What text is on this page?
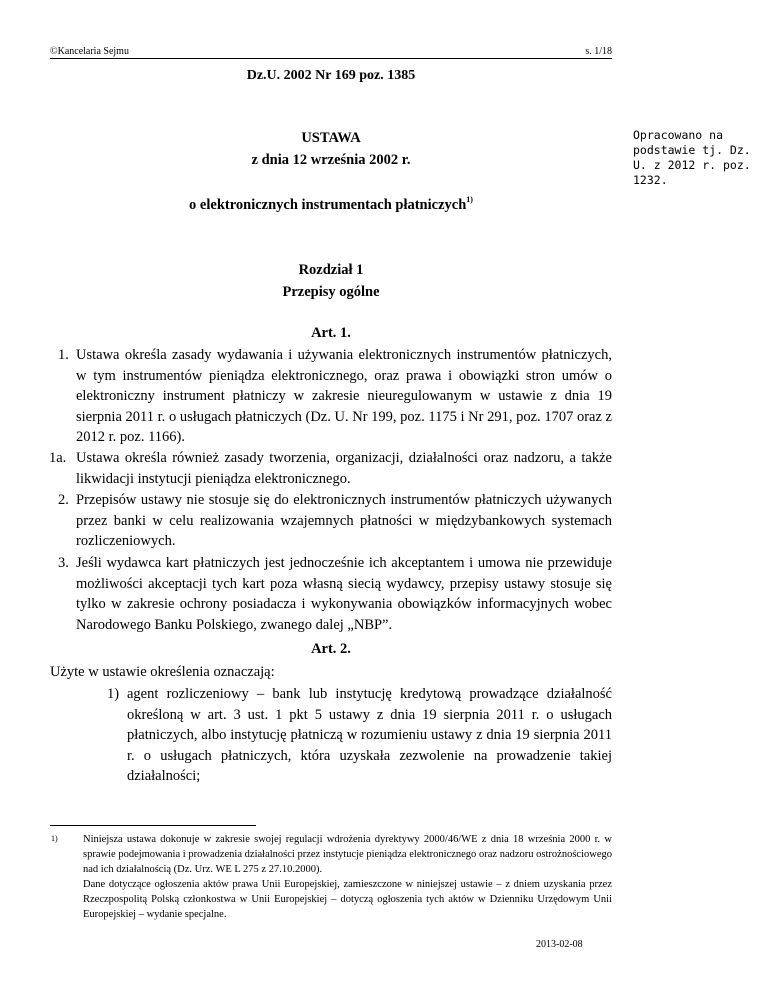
©Kancelaria Sejmu	s. 1/18
Dz.U. 2002 Nr 169 poz. 1385
Opracowano na podstawie tj. Dz. U. z 2012 r. poz. 1232.
USTAWA
z dnia 12 września 2002 r.
o elektronicznych instrumentach płatniczych$^{1)}$
Rozdział 1
Przepisy ogólne
Art. 1.
1. Ustawa określa zasady wydawania i używania elektronicznych instrumentów płatniczych, w tym instrumentów pieniądza elektronicznego, oraz prawa i obowiązki stron umów o elektroniczny instrument płatniczy w zakresie nieuregulowanym w ustawie z dnia 19 sierpnia 2011 r. o usługach płatniczych (Dz. U. Nr 199, poz. 1175 i Nr 291, poz. 1707 oraz z 2012 r. poz. 1166).
1a. Ustawa określa również zasady tworzenia, organizacji, działalności oraz nadzoru, a także likwidacji instytucji pieniądza elektronicznego.
2. Przepisów ustawy nie stosuje się do elektronicznych instrumentów płatniczych używanych przez banki w celu realizowania wzajemnych płatności w międzybankowych systemach rozliczeniowych.
3. Jeśli wydawca kart płatniczych jest jednocześnie ich akceptantem i umowa nie przewiduje możliwości akceptacji tych kart poza własną siecią wydawcy, przepisy ustawy stosuje się tylko w zakresie ochrony posiadacza i wykonywania obowiązków informacyjnych wobec Narodowego Banku Polskiego, zwanego dalej „NBP”.
Art. 2.
Użyte w ustawie określenia oznaczają:
1) agent rozliczeniowy – bank lub instytucję kredytową prowadzące działalność określoną w art. 3 ust. 1 pkt 5 ustawy z dnia 19 sierpnia 2011 r. o usługach płatniczych, albo instytucję płatniczą w rozumieniu ustawy z dnia 19 sierpnia 2011 r. o usługach płatniczych, która uzyskała zezwolenie na prowadzenie takiej działalności;
1) Niniejsza ustawa dokonuje w zakresie swojej regulacji wdrożenia dyrektywy 2000/46/WE z dnia 18 września 2000 r. w sprawie podejmowania i prowadzenia działalności przez instytucje pieniądza elektronicznego oraz nadzoru ostrożnościowego nad ich działalnością (Dz. Urz. WE L 275 z 27.10.2000).
Dane dotyczące ogłoszenia aktów prawa Unii Europejskiej, zamieszczone w niniejszej ustawie – z dniem uzyskania przez Rzeczpospolitą Polską członkostwa w Unii Europejskiej – dotyczą ogłoszenia tych aktów w Dzienniku Urzędowym Unii Europejskiej – wydanie specjalne.
2013-02-08
